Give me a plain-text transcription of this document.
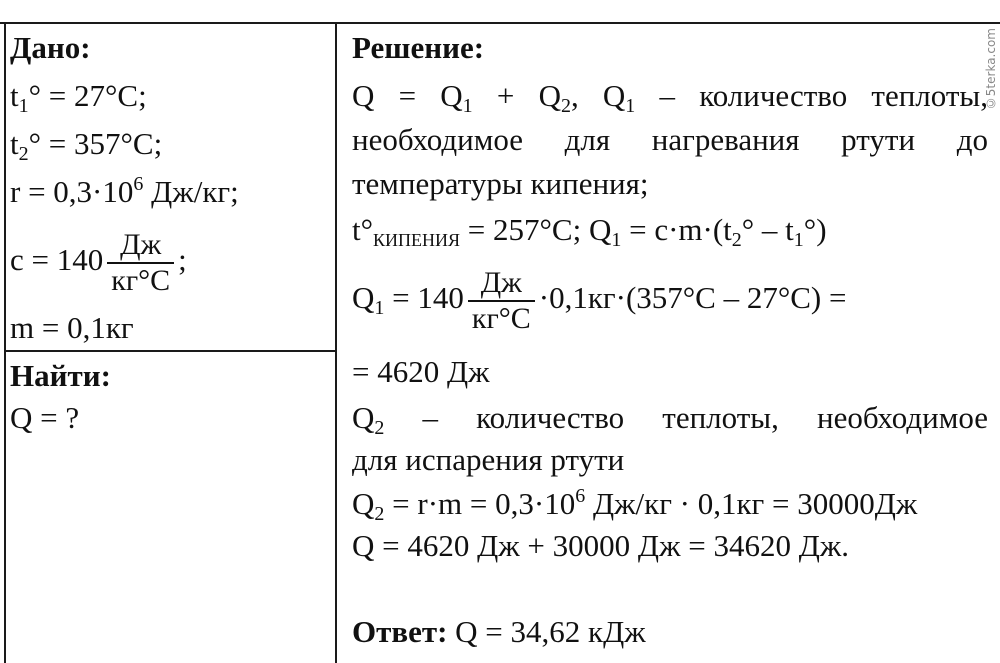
Дано:
$t_1^\circ = 27^\circ C$;
$t_2^\circ = 357^\circ C$;
$r = 0,3\cdot 10^6$ Дж/кг;
$c = 140 \frac{Дж}{кг^\circ C}$ ;
m = 0,1кг
Найти:
Q = ?
Решение:
$Q = Q_1 + Q_2$, $Q_1$ – количество теплоты,
необходимое для нагревания ртути до
температуры кипения;
$t^\circ_{КИПЕНИЯ} = 257^\circ C$; $Q_1 = c\cdot m\cdot(t_2^\circ - t_1^\circ)$
$Q_1 = 140 \frac{Дж}{кг^\circ C} \cdot 0,1кг\cdot(357^\circ C - 27^\circ C)$ =
= 4620 Дж
$Q_2$ – количество теплоты, необходимое
для испарения ртути
$Q_2 = r\cdot m = 0,3\cdot 10^6$ Дж/кг · 0,1кг = 30000Дж
Q = 4620 Дж + 30000 Дж = 34620 Дж.
Ответ: Q = 34,62 кДж
©5terka.com
